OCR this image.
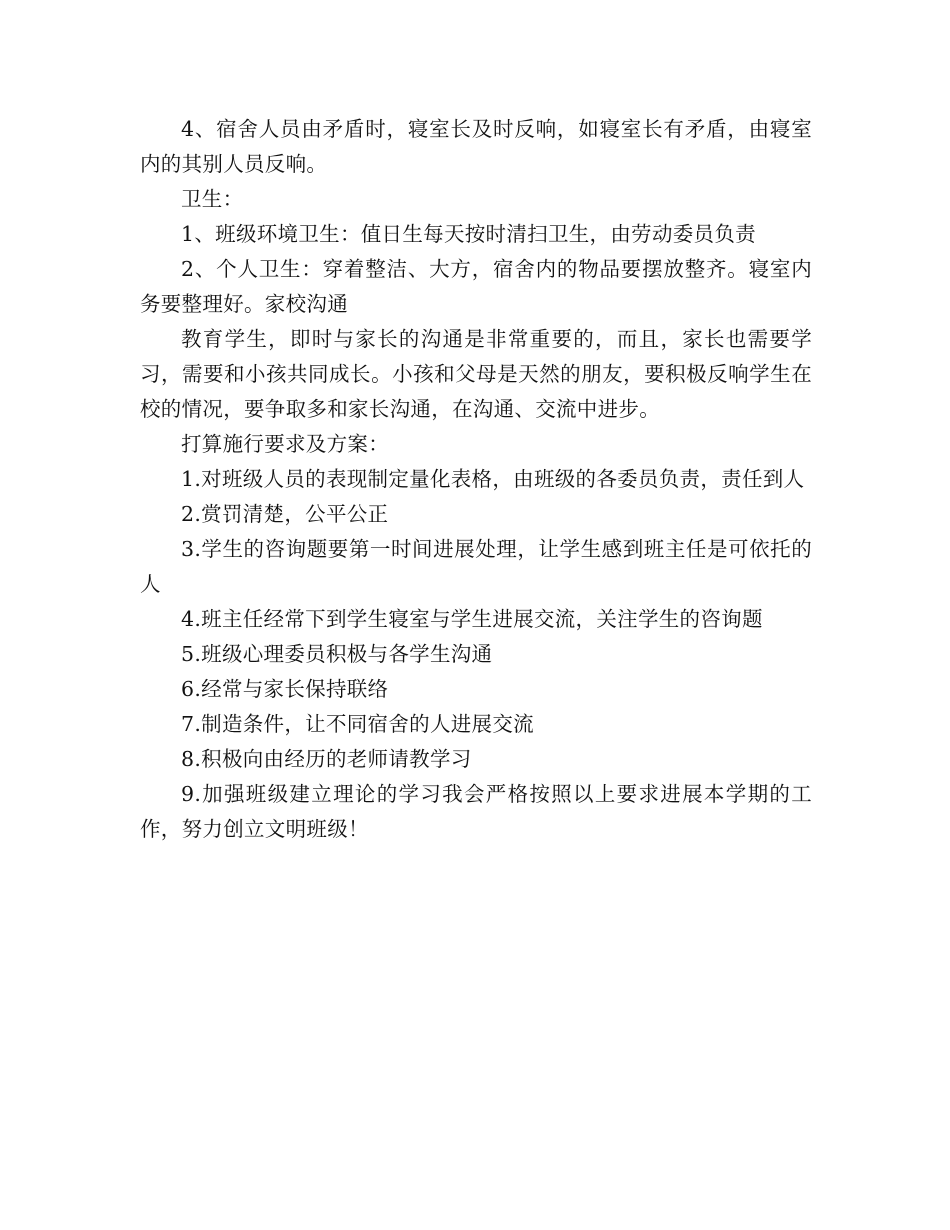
4、宿舍人员由矛盾时，寝室长及时反响，如寝室长有矛盾，由寝室内的其别人员反响。

卫生：

1、班级环境卫生：值日生每天按时清扫卫生，由劳动委员负责

2、个人卫生：穿着整洁、大方，宿舍内的物品要摆放整齐。寝室内务要整理好。家校沟通

教育学生，即时与家长的沟通是非常重要的，而且，家长也需要学习，需要和小孩共同成长。小孩和父母是天然的朋友，要积极反响学生在校的情况，要争取多和家长沟通，在沟通、交流中进步。

打算施行要求及方案：

1.对班级人员的表现制定量化表格，由班级的各委员负责，责任到人

2.赏罚清楚，公平公正

3.学生的咨询题要第一时间进展处理，让学生感到班主任是可依托的人

4.班主任经常下到学生寝室与学生进展交流，关注学生的咨询题

5.班级心理委员积极与各学生沟通

6.经常与家长保持联络

7.制造条件，让不同宿舍的人进展交流

8.积极向由经历的老师请教学习

9.加强班级建立理论的学习我会严格按照以上要求进展本学期的工作，努力创立文明班级！
